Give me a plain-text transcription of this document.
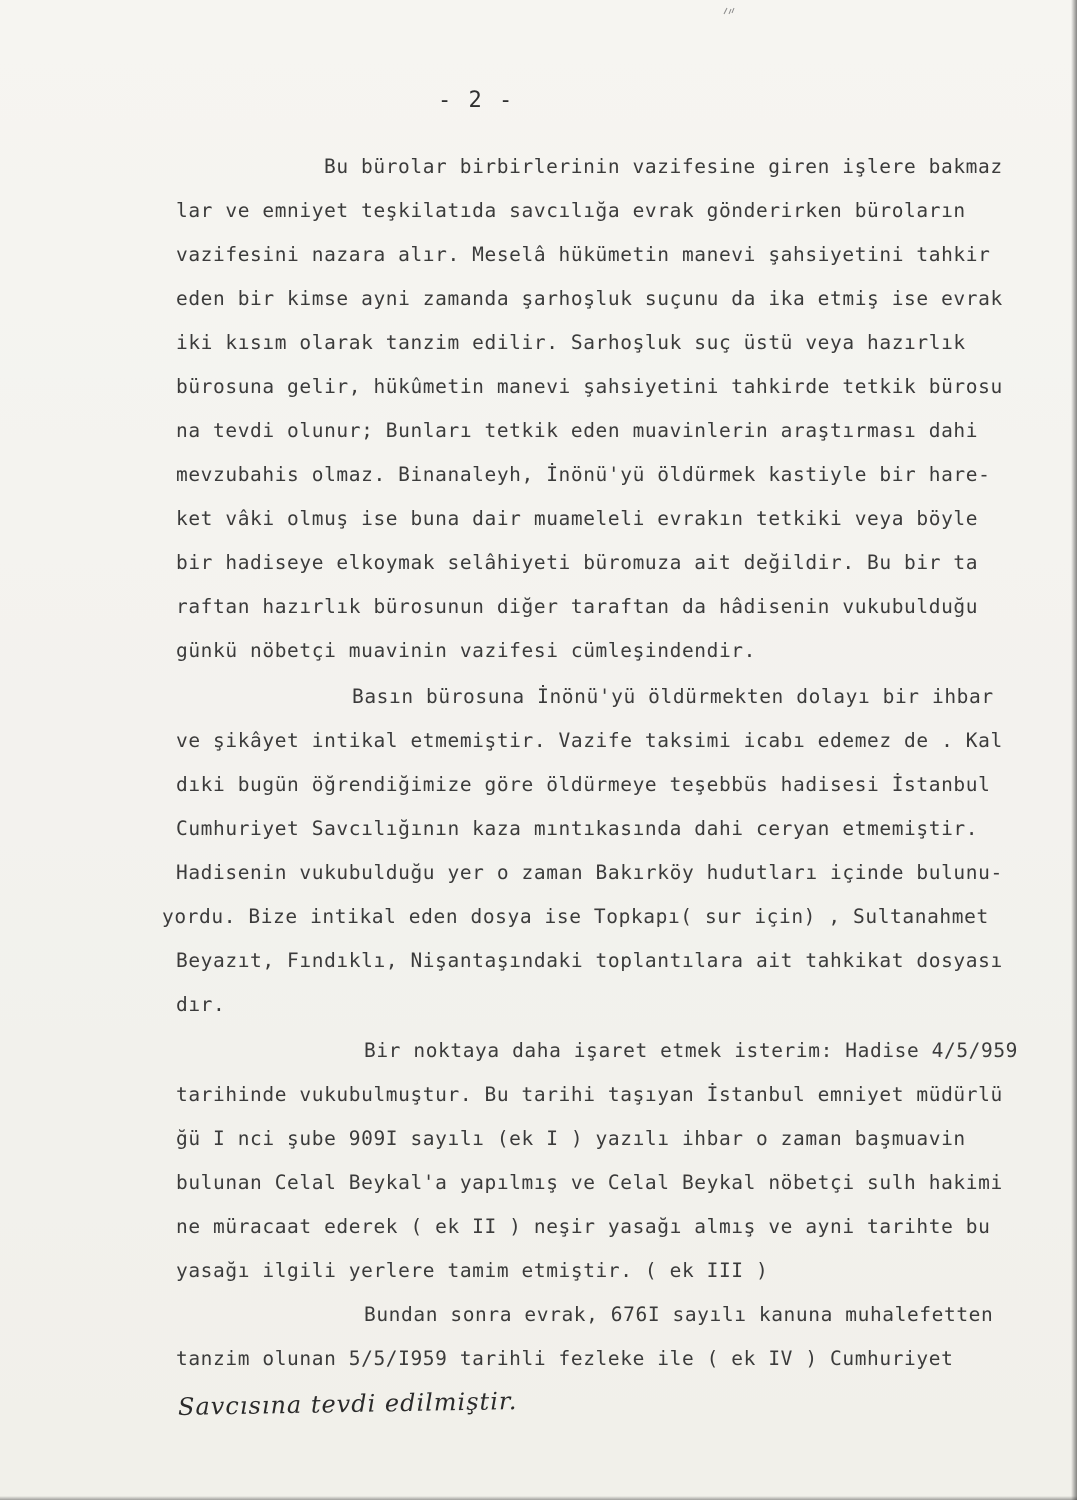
- 2 -
Bu bürolar birbirlerinin vazifesine giren işlere bakmaz
lar ve emniyet teşkilatıda savcılığa evrak gönderirken büroların
vazifesini nazara alır. Meselâ hükümetin manevi şahsiyetini tahkir
eden bir kimse ayni zamanda şarhoşluk suçunu da ika etmiş ise evrak
iki kısım olarak tanzim edilir. Sarhoşluk suç üstü veya hazırlık
bürosuna gelir, hükûmetin manevi şahsiyetini tahkirde tetkik bürosu
na tevdi olunur; Bunları tetkik eden muavinlerin araştırması dahi
mevzubahis olmaz. Binanaleyh, İnönü'yü öldürmek kastiyle bir hare-
ket vâki olmuş ise buna dair muameleli evrakın tetkiki veya böyle
bir hadiseye elkoymak selâhiyeti büromuza ait değildir. Bu bir ta
raftan hazırlık bürosunun diğer taraftan da hâdisenin vukubulduğu
günkü nöbetçi muavinin vazifesi cümleşindendir.
Basın bürosuna İnönü'yü öldürmekten dolayı bir ihbar
ve şikâyet intikal etmemiştir. Vazife taksimi icabı edemez de . Kal
dıki bugün öğrendiğimize göre öldürmeye teşebbüs hadisesi İstanbul
Cumhuriyet Savcılığının kaza mıntıkasında dahi ceryan etmemiştir.
Hadisenin vukubulduğu yer o zaman Bakırköy hudutları içinde bulunu-
yordu. Bize intikal eden dosya ise Topkapı( sur için) , Sultanahmet
Beyazıt, Fındıklı, Nişantaşındaki toplantılara ait tahkikat dosyası
dır.
Bir noktaya daha işaret etmek isterim: Hadise 4/5/959
tarihinde vukubulmuştur. Bu tarihi taşıyan İstanbul emniyet müdürlü
ğü I nci şube 909I sayılı (ek I ) yazılı ihbar o zaman başmuavin
bulunan Celal Beykal'a yapılmış ve Celal Beykal nöbetçi sulh hakimi
ne müracaat ederek ( ek II ) neşir yasağı almış ve ayni tarihte bu
yasağı ilgili yerlere tamim etmiştir. ( ek III )
Bundan sonra evrak, 676I sayılı kanuna muhalefetten
tanzim olunan 5/5/I959 tarihli fezleke ile ( ek IV ) Cumhuriyet
Savcısına tevdi edilmiştir.
